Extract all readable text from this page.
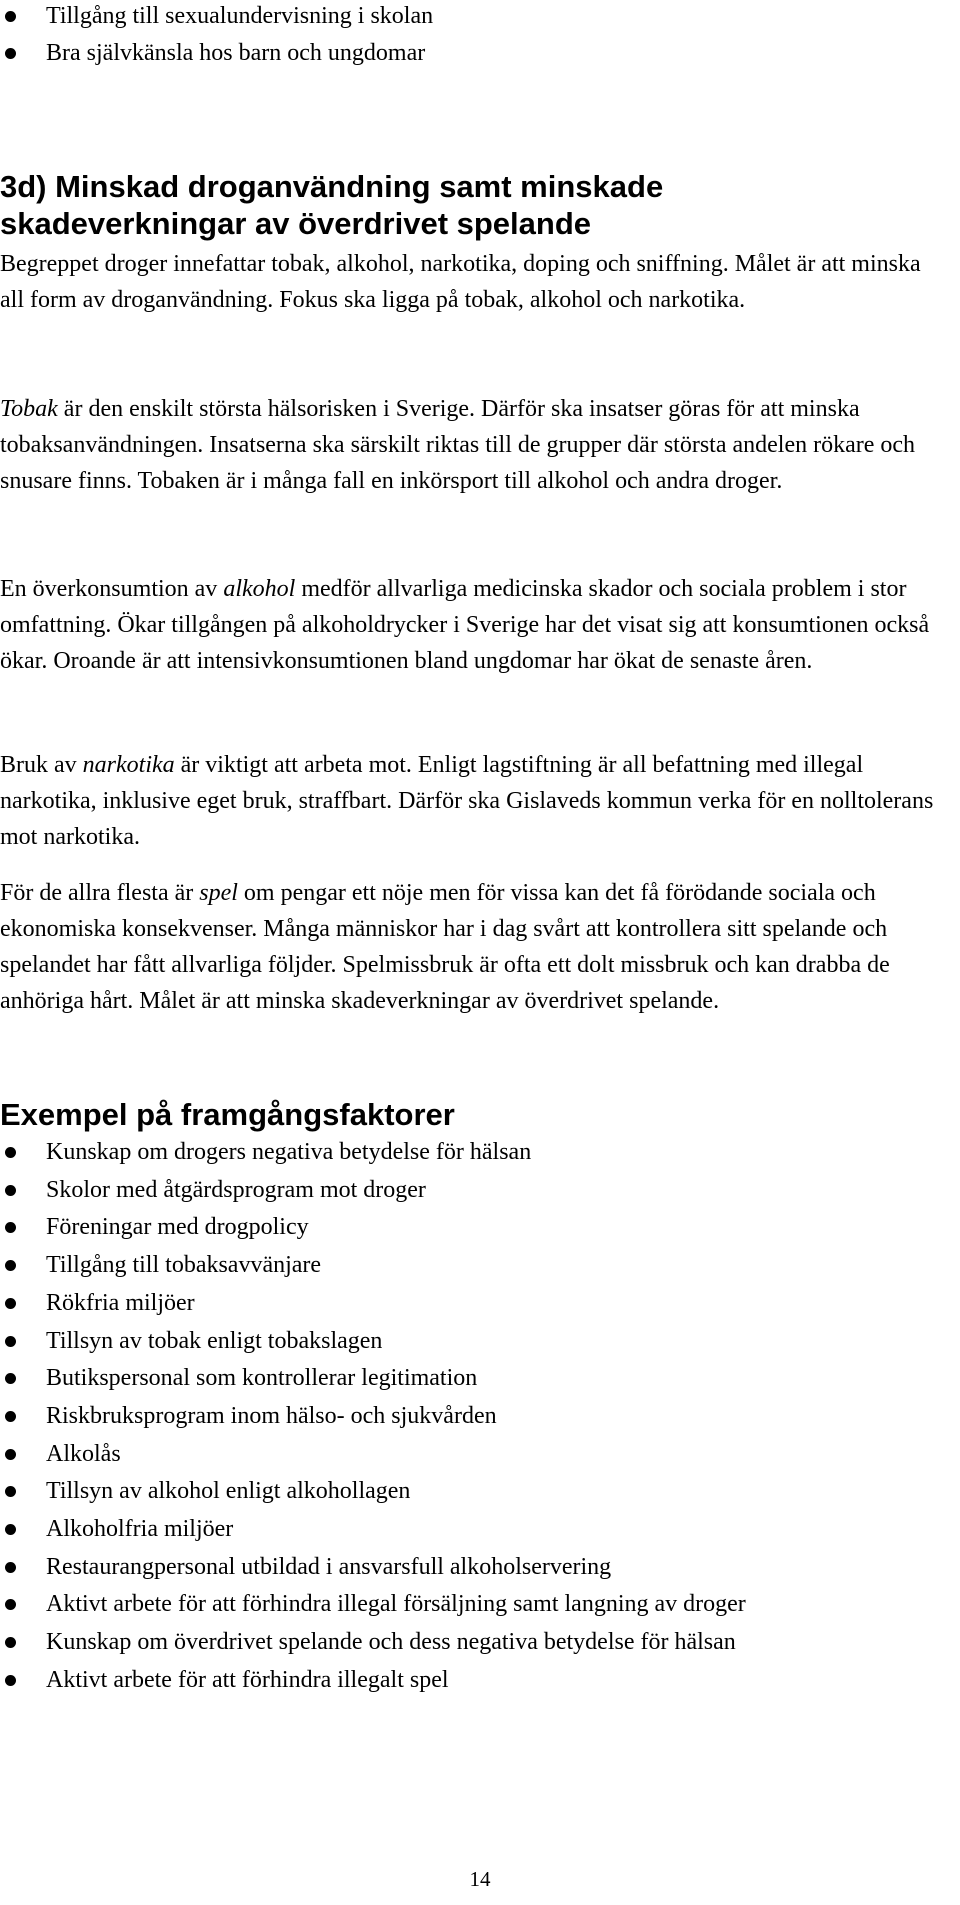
Tillgång till sexualundervisning i skolan
Bra självkänsla hos barn och ungdomar
3d) Minskad droganvändning samt minskade
skadeverkningar av överdrivet spelande

Begreppet droger innefattar tobak, alkohol, narkotika, doping och sniffning. Målet är att minska all form av droganvändning. Fokus ska ligga på tobak, alkohol och narkotika.

Tobak är den enskilt största hälsorisken i Sverige. Därför ska insatser göras för att minska tobaksanvändningen. Insatserna ska särskilt riktas till de grupper där största andelen rökare och snusare finns. Tobaken är i många fall en inkörsport till alkohol och andra droger.

En överkonsumtion av alkohol medför allvarliga medicinska skador och sociala problem i stor omfattning. Ökar tillgången på alkoholdrycker i Sverige har det visat sig att konsumtionen också ökar. Oroande är att intensivkonsumtionen bland ungdomar har ökat de senaste åren.

Bruk av narkotika är viktigt att arbeta mot. Enligt lagstiftning är all befattning med illegal narkotika, inklusive eget bruk, straffbart. Därför ska Gislaveds kommun verka för en nolltolerans mot narkotika.

För de allra flesta är spel om pengar ett nöje men för vissa kan det få förödande sociala och ekonomiska konsekvenser. Många människor har i dag svårt att kontrollera sitt spelande och spelandet har fått allvarliga följder. Spelmissbruk är ofta ett dolt missbruk och kan drabba de anhöriga hårt. Målet är att minska skadeverkningar av överdrivet spelande.

Exempel på framgångsfaktorer
Kunskap om drogers negativa betydelse för hälsan
Skolor med åtgärdsprogram mot droger
Föreningar med drogpolicy
Tillgång till tobaksavvänjare
Rökfria miljöer
Tillsyn av tobak enligt tobakslagen
Butikspersonal som kontrollerar legitimation
Riskbruksprogram inom hälso- och sjukvården
Alkolås
Tillsyn av alkohol enligt alkohollagen
Alkoholfria miljöer
Restaurangpersonal utbildad i ansvarsfull alkoholservering
Aktivt arbete för att förhindra illegal försäljning samt langning av droger
Kunskap om överdrivet spelande och dess negativa betydelse för hälsan
Aktivt arbete för att förhindra illegalt spel
14
